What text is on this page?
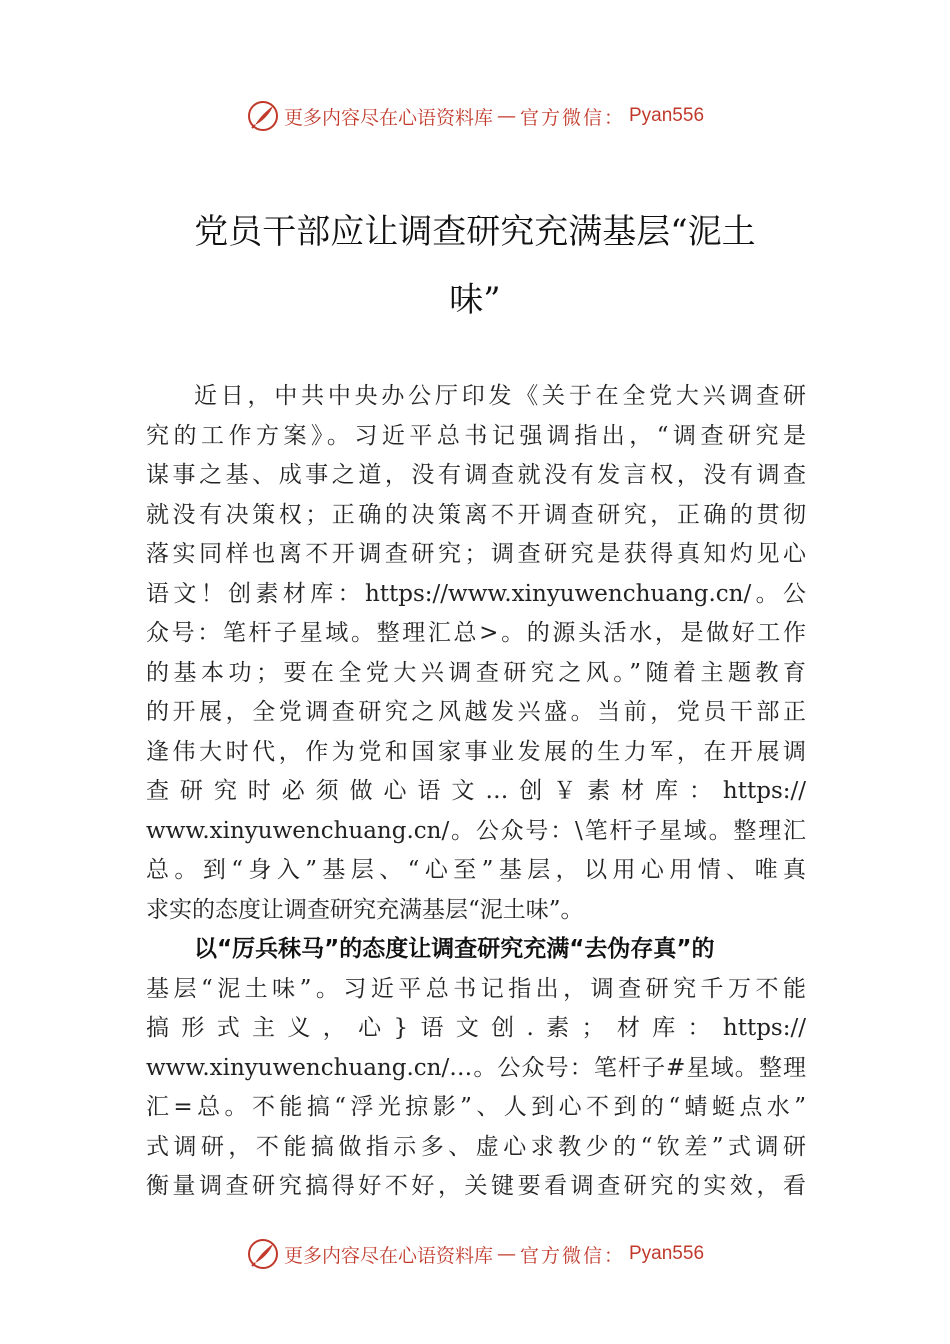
更多内容尽在心语资料库 — 官方微信： Pyan556
党员干部应让调查研究充满基层“泥土
味”
近日，中共中央办公厅印发《关于在全党大兴调查研
究的工作方案》。习近平总书记强调指出，“调查研究是
谋事之基、成事之道，没有调查就没有发言权，没有调查
就没有决策权；正确的决策离不开调查研究，正确的贯彻
落实同样也离不开调查研究；调查研究是获得真知灼见心
语文！创素材库：https://www.xinyuwenchuang.cn/。公
众号：笔杆子星域。整理汇总>。的源头活水，是做好工作
的基本功；要在全党大兴调查研究之风。”随着主题教育
的开展，全党调查研究之风越发兴盛。当前，党员干部正
逢伟大时代，作为党和国家事业发展的生力军，在开展调
查研究时必须做心语文…创￥素材库：https://
www.xinyuwenchuang.cn/。公众号：\笔杆子星域。整理汇
总。到“身入”基层、“心至”基层，以用心用情、唯真
求实的态度让调查研究充满基层“泥土味”。
以“厉兵秣马”的态度让调查研究充满“去伪存真”的
基层“泥土味”。习近平总书记指出，调查研究千万不能
搞形式主义，心}语文创.素；材库：https://
www.xinyuwenchuang.cn/…。公众号：笔杆子#星域。整理
汇=总。不能搞“浮光掠影”、人到心不到的“蜻蜓点水”
式调研，不能搞做指示多、虚心求教少的“钦差”式调研
衡量调查研究搞得好不好，关键要看调查研究的实效，看
更多内容尽在心语资料库 — 官方微信： Pyan556
